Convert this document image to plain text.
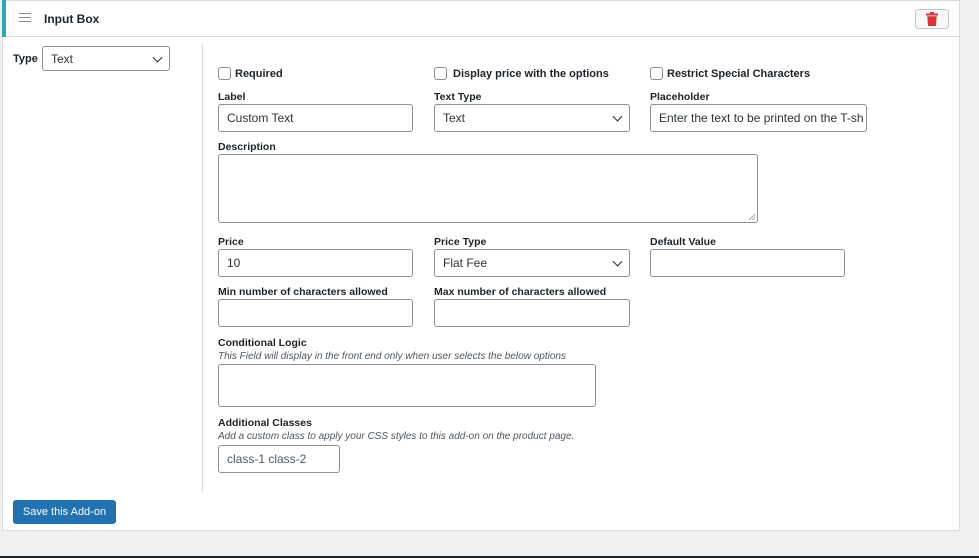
Input Box
Type Text
Required	Display price with the options	Restrict Special Characters
Label
Custom Text
Text Type
Text
Placeholder
Enter the text to be printed on the T-sh
Description
Price
10
Price Type
Flat Fee
Default Value
Min number of characters allowed	Max number of characters allowed
Conditional Logic
This Field will display in the front end only when user selects the below options
Additional Classes
Add a custom class to apply your CSS styles to this add-on on the product page.
class-1 class-2
Save this Add-on
